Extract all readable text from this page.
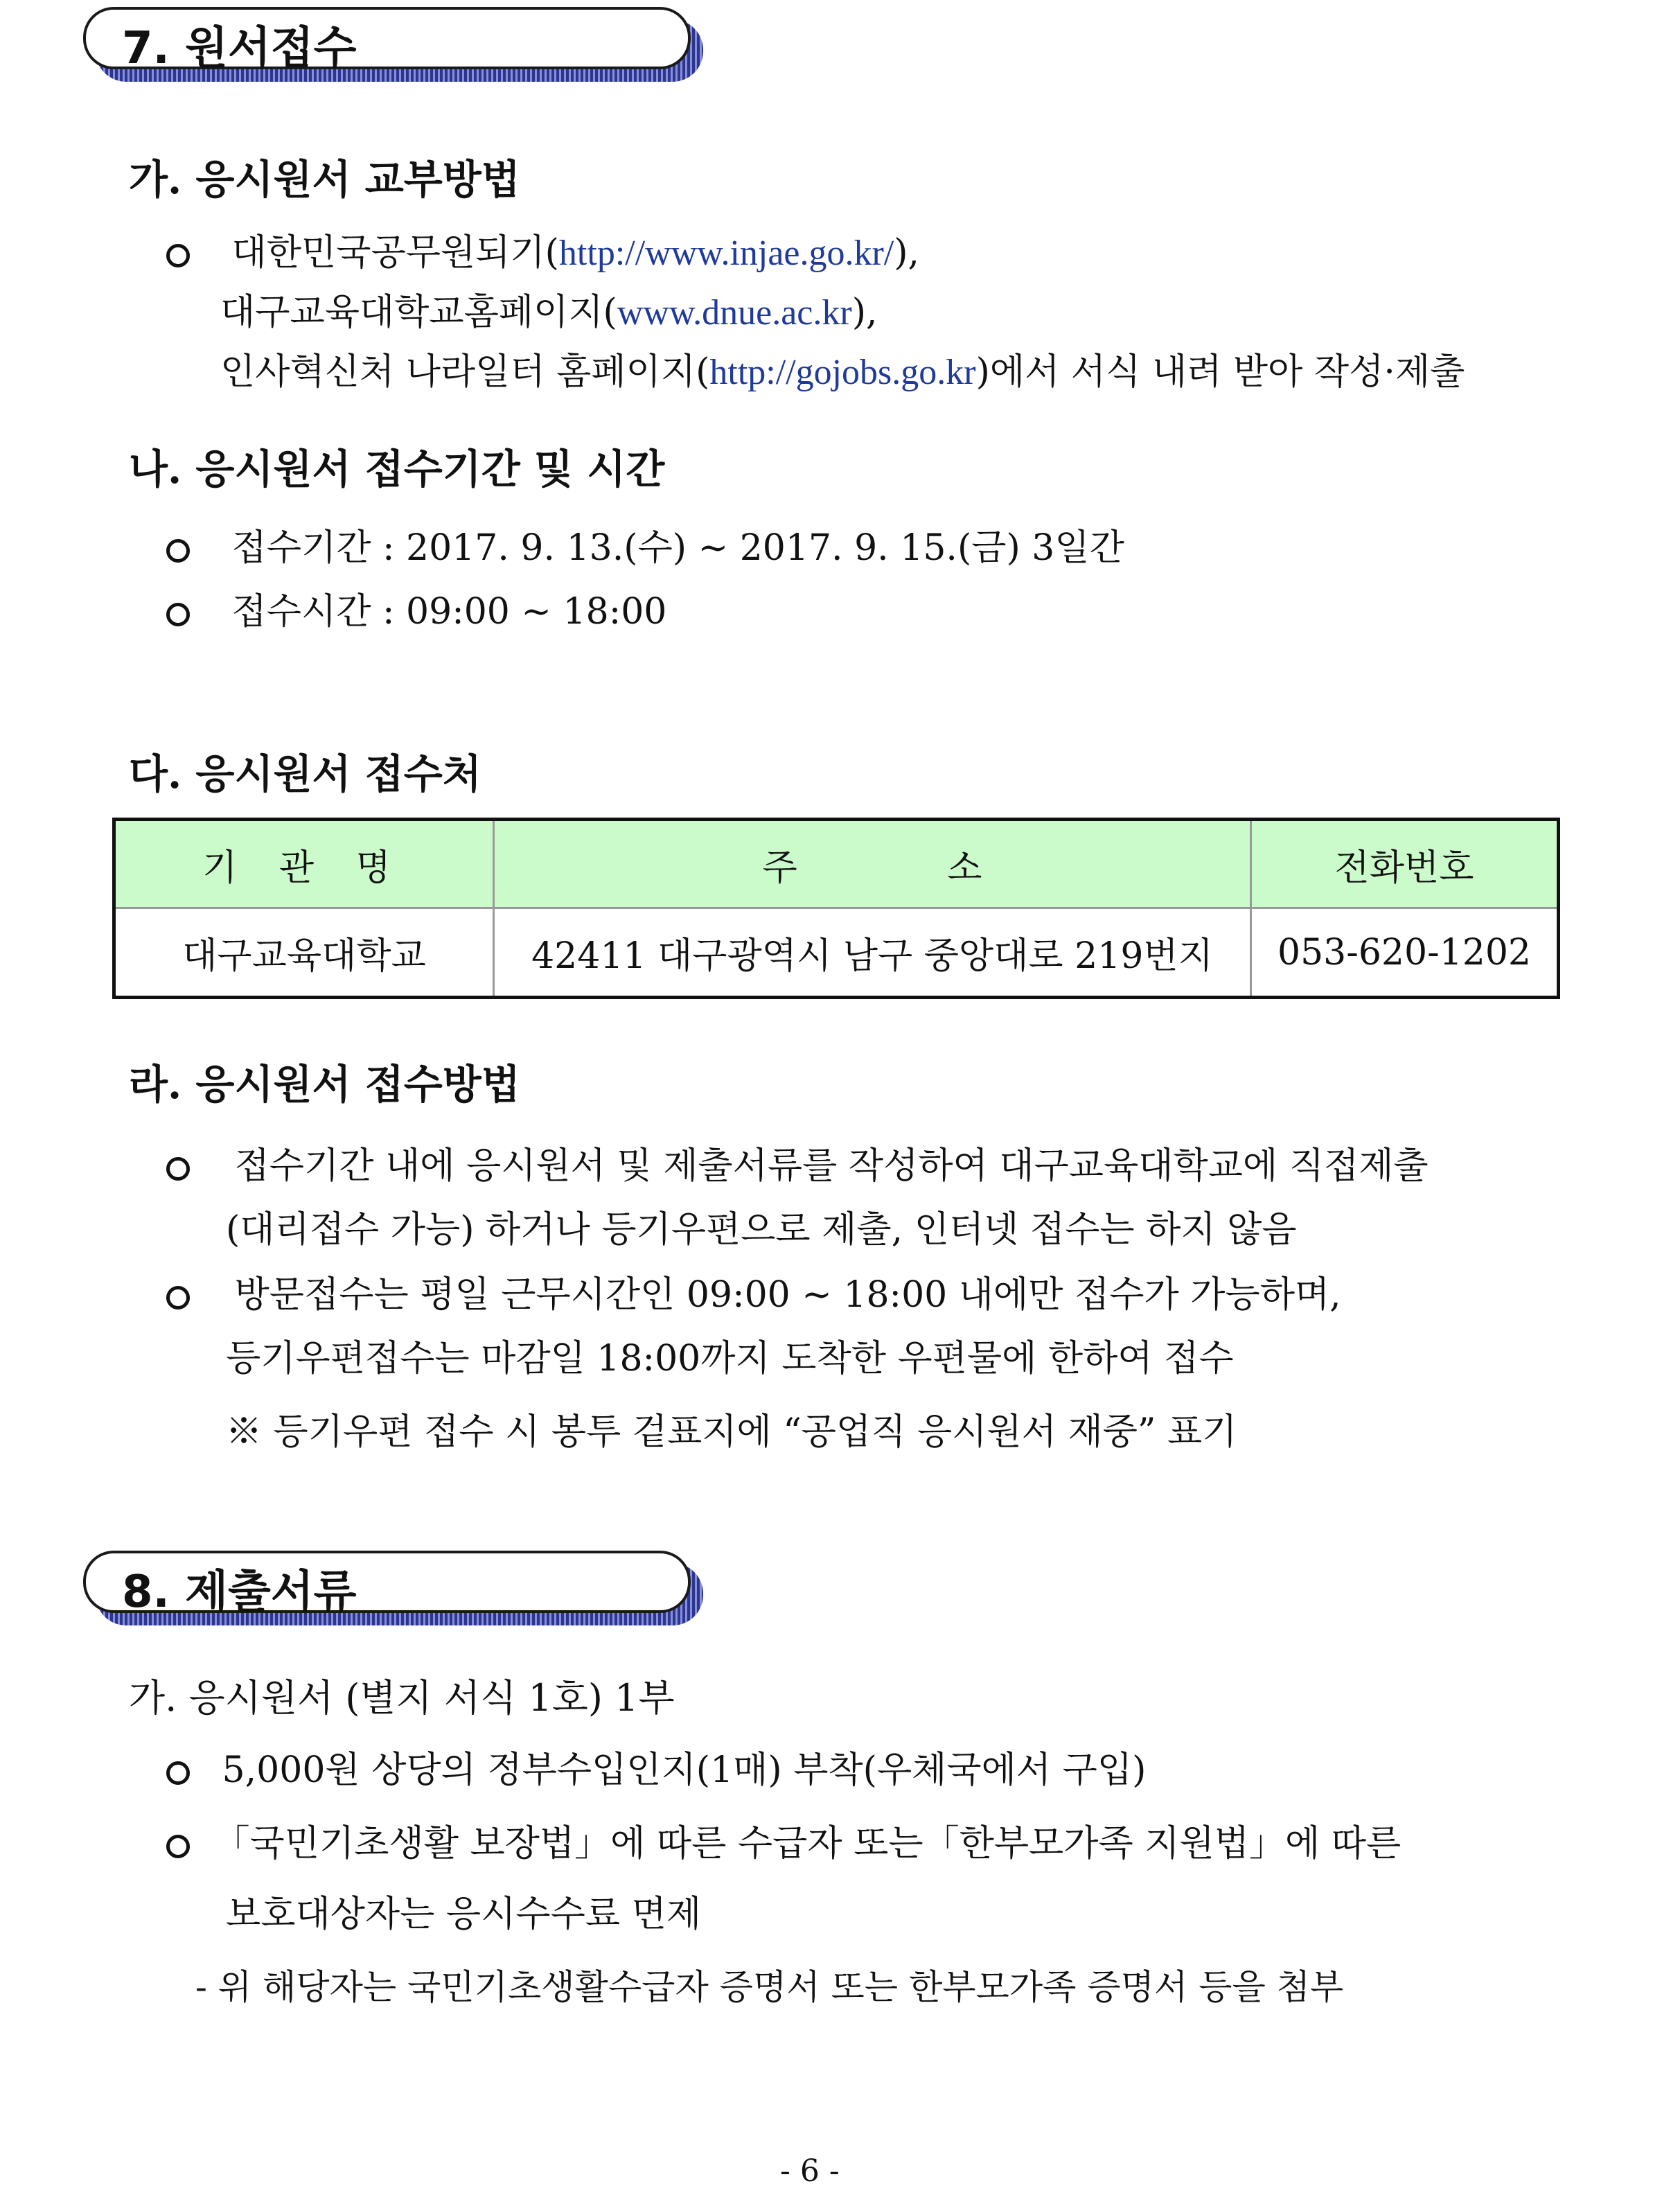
7. 원서접수
가. 응시원서 교부방법
대한민국공무원되기(http://www.injae.go.kr/),
대구교육대학교홈페이지(www.dnue.ac.kr),
인사혁신처 나라일터 홈페이지(http://gojobs.go.kr)에서 서식 내려 받아 작성·제출
나. 응시원서 접수기간 및 시간
접수기간 : 2017. 9. 13.(수) ~ 2017. 9. 15.(금) 3일간
접수시간 : 09:00 ~ 18:00
다. 응시원서 접수처
기 관 명	주 소	전화번호
대구교육대학교	42411 대구광역시 남구 중앙대로 219번지	053-620-1202
라. 응시원서 접수방법
접수기간 내에 응시원서 및 제출서류를 작성하여 대구교육대학교에 직접제출
(대리접수 가능) 하거나 등기우편으로 제출, 인터넷 접수는 하지 않음
방문접수는 평일 근무시간인 09:00 ~ 18:00 내에만 접수가 가능하며,
등기우편접수는 마감일 18:00까지 도착한 우편물에 한하여 접수
※ 등기우편 접수 시 봉투 겉표지에 “공업직 응시원서 재중” 표기
8. 제출서류
가. 응시원서 (별지 서식 1호) 1부
5,000원 상당의 정부수입인지(1매) 부착(우체국에서 구입)
「국민기초생활 보장법」에 따른 수급자 또는「한부모가족 지원법」에 따른
보호대상자는 응시수수료 면제
- 위 해당자는 국민기초생활수급자 증명서 또는 한부모가족 증명서 등을 첨부
- 6 -
